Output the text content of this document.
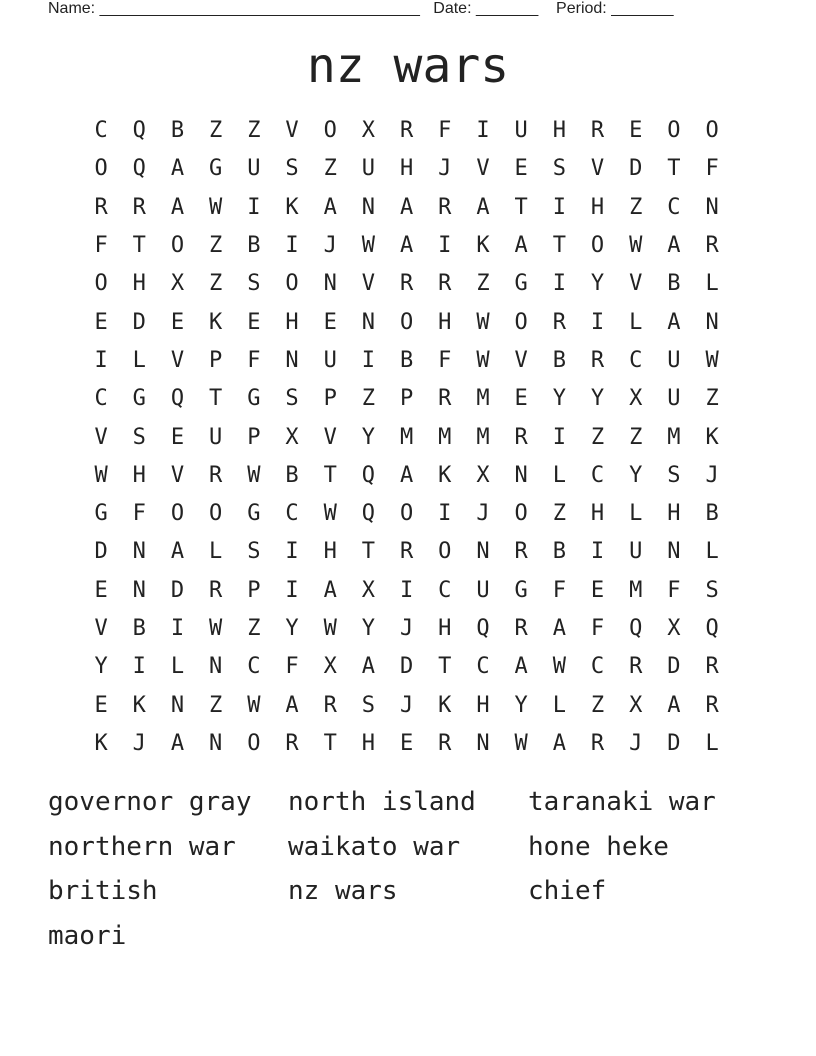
Name: ____________________________________ Date: _______ Period: _______
nz wars
C	Q	B	Z	Z	V	O	X	R	F	I	U	H	R	E	O	O
O	Q	A	G	U	S	Z	U	H	J	V	E	S	V	D	T	F
R	R	A	W	I	K	A	N	A	R	A	T	I	H	Z	C	N
F	T	O	Z	B	I	J	W	A	I	K	A	T	O	W	A	R
O	H	X	Z	S	O	N	V	R	R	Z	G	I	Y	V	B	L
E	D	E	K	E	H	E	N	O	H	W	O	R	I	L	A	N
I	L	V	P	F	N	U	I	B	F	W	V	B	R	C	U	W
C	G	Q	T	G	S	P	Z	P	R	M	E	Y	Y	X	U	Z
V	S	E	U	P	X	V	Y	M	M	M	R	I	Z	Z	M	K
W	H	V	R	W	B	T	Q	A	K	X	N	L	C	Y	S	J
G	F	O	O	G	C	W	Q	O	I	J	O	Z	H	L	H	B
D	N	A	L	S	I	H	T	R	O	N	R	B	I	U	N	L
E	N	D	R	P	I	A	X	I	C	U	G	F	E	M	F	S
V	B	I	W	Z	Y	W	Y	J	H	Q	R	A	F	Q	X	Q
Y	I	L	N	C	F	X	A	D	T	C	A	W	C	R	D	R
E	K	N	Z	W	A	R	S	J	K	H	Y	L	Z	X	A	R
K	J	A	N	O	R	T	H	E	R	N	W	A	R	J	D	L
governor gray	north island	taranaki war
northern war	waikato war	hone heke
british	nz wars	chief
maori
